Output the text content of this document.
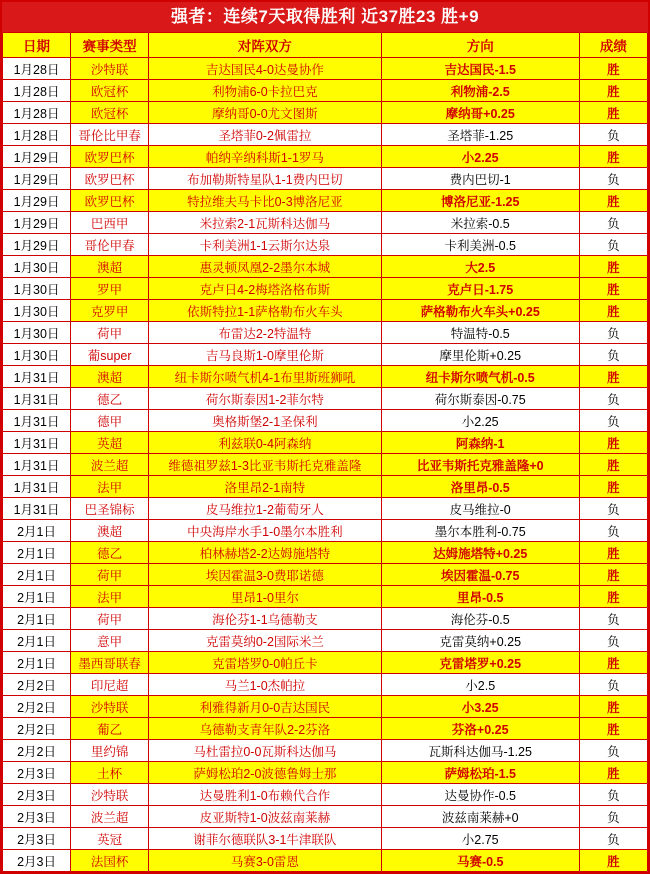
强者：连续7天取得胜利 近37胜23 胜+9
日期	赛事类型	对阵双方	方向	成绩
1月28日	沙特联	吉达国民4-0达曼协作	吉达国民-1.5	胜
1月28日	欧冠杯	利物浦6-0卡拉巴克	利物浦-2.5	胜
1月28日	欧冠杯	摩纳哥0-0尤文图斯	摩纳哥+0.25	胜
1月28日	哥伦比甲春	圣塔菲0-2佩雷拉	圣塔菲-1.25	负
1月29日	欧罗巴杯	帕纳辛纳科斯1-1罗马	小2.25	胜
1月29日	欧罗巴杯	布加勒斯特星队1-1费内巴切	费内巴切-1	负
1月29日	欧罗巴杯	特拉维夫马卡比0-3博洛尼亚	博洛尼亚-1.25	胜
1月29日	巴西甲	米拉索2-1瓦斯科达伽马	米拉索-0.5	负
1月29日	哥伦甲春	卡利美洲1-1云斯尔达泉	卡利美洲-0.5	负
1月30日	澳超	惠灵顿凤凰2-2墨尔本城	大2.5	胜
1月30日	罗甲	克卢日4-2梅塔洛格布斯	克卢日-1.75	胜
1月30日	克罗甲	依斯特拉1-1萨格勒布火车头	萨格勒布火车头+0.25	胜
1月30日	荷甲	布雷达2-2特温特	特温特-0.5	负
1月30日	葡super	吉马良斯1-0摩里伦斯	摩里伦斯+0.25	负
1月31日	澳超	纽卡斯尔喷气机4-1布里斯班狮吼	纽卡斯尔喷气机-0.5	胜
1月31日	德乙	荷尔斯泰因1-2菲尔特	荷尔斯泰因-0.75	负
1月31日	德甲	奥格斯堡2-1圣保利	小2.25	负
1月31日	英超	利兹联0-4阿森纳	阿森纳-1	胜
1月31日	波兰超	维德祖罗兹1-3比亚韦斯托克雅盖隆	比亚韦斯托克雅盖隆+0	胜
1月31日	法甲	洛里昂2-1南特	洛里昂-0.5	胜
1月31日	巴圣锦标	皮马维拉1-2葡萄牙人	皮马维拉-0	负
2月1日	澳超	中央海岸水手1-0墨尔本胜利	墨尔本胜利-0.75	负
2月1日	德乙	柏林赫塔2-2达姆施塔特	达姆施塔特+0.25	胜
2月1日	荷甲	埃因霍温3-0费耶诺德	埃因霍温-0.75	胜
2月1日	法甲	里昂1-0里尔	里昂-0.5	胜
2月1日	荷甲	海伦芬1-1乌德勒支	海伦芬-0.5	负
2月1日	意甲	克雷莫纳0-2国际米兰	克雷莫纳+0.25	负
2月1日	墨西哥联春	克雷塔罗0-0帕丘卡	克雷塔罗+0.25	胜
2月2日	印尼超	马兰1-0杰帕拉	小2.5	负
2月2日	沙特联	利雅得新月0-0吉达国民	小3.25	胜
2月2日	葡乙	乌德勒支青年队2-2芬洛	芬洛+0.25	胜
2月2日	里约锦	马杜雷拉0-0瓦斯科达伽马	瓦斯科达伽马-1.25	负
2月3日	土杯	萨姆松珀2-0波德鲁姆士那	萨姆松珀-1.5	胜
2月3日	沙特联	达曼胜利1-0布赖代合作	达曼协作-0.5	负
2月3日	波兰超	皮亚斯特1-0波兹南莱赫	波兹南莱赫+0	负
2月3日	英冠	谢菲尔德联队3-1牛津联队	小2.75	负
2月3日	法国杯	马赛3-0雷恩	马赛-0.5	胜
